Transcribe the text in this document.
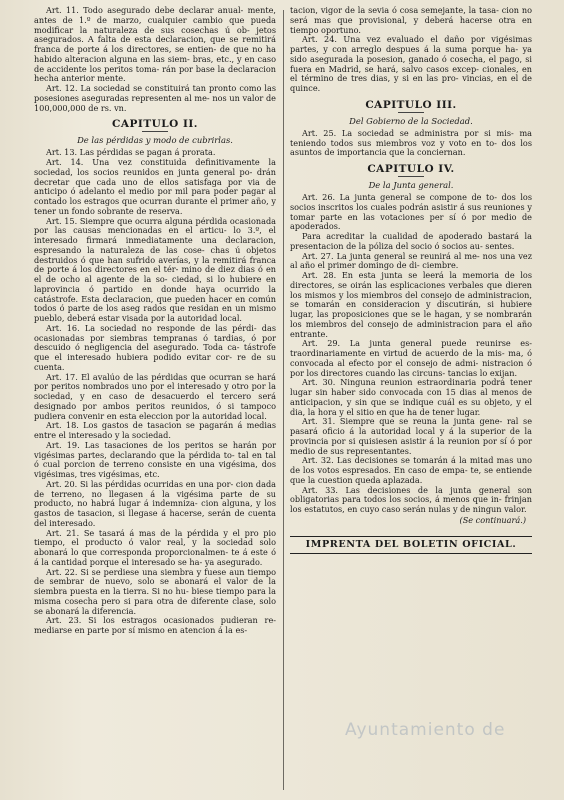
Art. 11. Todo asegurado debe declarar anual- mente, antes de 1.º de marzo, cualquier cambio que pueda modificar la naturaleza de sus cosechas ú ob- jetos asegurados. A falta de esta declaracion, que se remitirá franca de porte á los directores, se entien- de que no ha habido alteracion alguna en las siem- bras, etc., y en caso de accidente los peritos toma- rán por base la declaracion hecha anterior mente.

Art. 12. La sociedad se constituirá tan pronto como las posesiones aseguradas representen al me- nos un valor de 100,000,000 de rs. vn.

CAPITULO II.
De las pérdidas y modo de cubrirlas.

Art. 13. Las pérdidas se pagan á prorata.

Art. 14. Una vez constituida definitivamente la sociedad, los socios reunidos en junta general po- drán decretar que cada uno de ellos satisfaga por via de anticipo ó adelanto el medio por mil para poder pagar al contado los estragos que ocurran durante el primer año, y tener un fondo sobrante de reserva.

Art. 15. Siempre que ocurra alguna pérdida ocasionada por las causas mencionadas en el articu- lo 3.º, el interesado firmará inmediatamente una declaracion, espresando la naturaleza de las cose- chas ú objetos destruidos ó que han sufrido averías, y la remitirá franca de porte á los directores en el tér- mino de diez dias ó en el de ocho al agente de la so- ciedad, si lo hubiere en laprovincia ó partido en donde haya ocurrido la catástrofe. Esta declaracion, que pueden hacer en común todos ó parte de los aseg rados que residan en un mismo pueblo, deberá estar visada por la autoridad local.

Art. 16. La sociedad no responde de las pérdi- das ocasionadas por siembras tempranas ó tardias, ó por descuido ó negligencia del asegurado. Toda ca- tástrofe que el interesado hubiera podido evitar cor- re de su cuenta.

Art. 17. El avalúo de las pérdidas que ocurran se hará por peritos nombrados uno por el interesado y otro por la sociedad, y en caso de desacuerdo el tercero será designado por ambos peritos reunidos, ó si tampoco pudiera convenir en esta eleccion por la autoridad local.

Art. 18. Los gastos de tasacion se pagarán á medias entre el interesado y la sociedad.

Art. 19. Las tasaciones de los peritos se harán por vigésimas partes, declarando que la pérdida to- tal en tal ó cual porcion de terreno consiste en una vigésima, dos vigésimas, tres vigésimas, etc.

Art. 20. Si las pérdidas ocurridas en una por- cion dada de terreno, no llegasen á la vigésima parte de su producto, no habrá lugar á indemniza- cion alguna, y los gastos de tasacion, si llegase á hacerse, serán de cuenta del interesado.

Art. 21. Se tasará á mas de la pérdida y el pro pio tiempo, el producto ó valor real, y la sociedad solo abonará lo que corresponda proporcionalmen- te á este ó á la cantidad porque el interesado se ha- ya asegurado.

Art. 22. Si se perdiese una siembra y fuese aun tiempo de sembrar de nuevo, solo se abonará el valor de la siembra puesta en la tierra. Si no hu- biese tiempo para la misma cosecha pero si para otra de diferente clase, solo se abonará la diferencia.

Art. 23. Si los estragos ocasionados pudieran re- mediarse en parte por sí mismo en atencion á la es-

tacion, vigor de la sevia ó cosa semejante, la tasa- cion no será mas que provisional, y deberá hacerse otra en tiempo oportuno.

Art. 24. Una vez evaluado el daño por vigésimas partes, y con arreglo despues á la suma porque ha- ya sido asegurada la posesion, ganado ó cosecha, el pago, si fuera en Madrid, se hará, salvo casos excep- cionales, en el término de tres dias, y si en las pro- vincias, en el de quince.

CAPITULO III.
Del Gobierno de la Sociedad.

Art. 25. La sociedad se administra por si mis- ma teniendo todos sus miembros voz y voto en to- dos los asuntos de importancia que la conciernan.

CAPITULO IV.
De la Junta general.

Art. 26. La junta general se compone de to- dos los socios inscritos los cuales podrán asistir á sus reuniones y tomar parte en las votaciones per sí ó por medio de apoderados.

Para acreditar la cualidad de apoderado bastará la presentacion de la póliza del socio ó socios au- sentes.

Art. 27. La junta general se reunirá al me- nos una vez al año el primer domingo de di- ciembre.

Art. 28. En esta junta se leerá la memoria de los directores, se oirán las esplicaciones verbales que dieren los mismos y los miembros del consejo de administracion, se tomarán en consideracion y discutirán, si hubiere lugar, las proposiciones que se le hagan, y se nombrarán los miembros del consejo de administracion para el año entrante.

Art. 29. La junta general puede reunirse es- traordinariamente en virtud de acuerdo de la mis- ma, ó convocada al efecto por el consejo de admi- nistracion ó por los directores cuando las circuns- tancias lo exijan.

Art. 30. Ninguna reunion estraordinaria podrá tener lugar sin haber sido convocada con 15 dias al menos de anticipacion, y sin que se indique cuál es su objeto, y el dia, la hora y el sitio en que ha de tener lugar.

Art. 31. Siempre que se reuna la junta gene- ral se pasará oficio á la autoridad local y á la superior de la provincia por si quisiesen asistir á la reunion por sí ó por medio de sus representantes.

Art. 32. Las decisiones se tomarán á la mitad mas uno de los votos espresados. En caso de empa- te, se entiende que la cuestion queda aplazada.

Art. 33. Las decisiones de la junta general son obligatorias para todos los socios, á menos que in- frinjan los estatutos, en cuyo caso serán nulas y de ningun valor.

(Se continuará.)
IMPRENTA DEL BOLETIN OFICIAL.
Ayuntamiento de
